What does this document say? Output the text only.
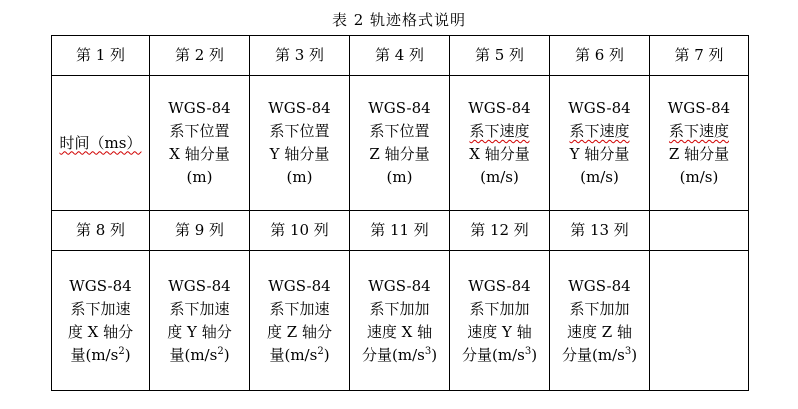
表 2 轨迹格式说明
第 1 列	第 2 列	第 3 列	第 4 列	第 5 列	第 6 列	第 7 列

时间（ms）	WGS-84
系下位置
X 轴分量
(m)	WGS-84
系下位置
Y 轴分量
(m)	WGS-84
系下位置
Z 轴分量
(m)	WGS-84
系下速度
X 轴分量
(m/s)	WGS-84
系下速度
Y 轴分量
(m/s)	WGS-84
系下速度
Z 轴分量
(m/s)

第 8 列	第 9 列	第 10 列	第 11 列	第 12 列	第 13 列	

WGS-84
系下加速
度 X 轴分
量$(m/s^2)$	WGS-84
系下加速
度 Y 轴分
量$(m/s^2)$	WGS-84
系下加速
度 Z 轴分
量$(m/s^2)$	WGS-84
系下加加
速度 X 轴
分量$(m/s^3)$	WGS-84
系下加加
速度 Y 轴
分量$(m/s^3)$	WGS-84
系下加加
速度 Z 轴
分量$(m/s^3)$	
